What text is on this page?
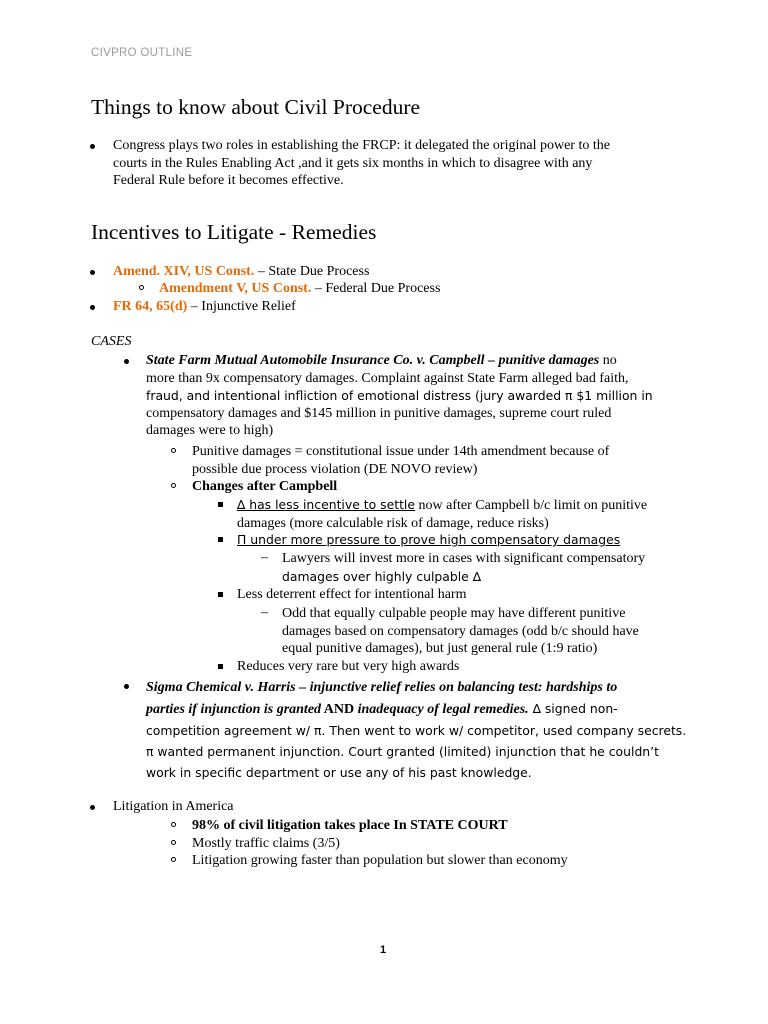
CIVPRO OUTLINE
Things to know about Civil Procedure
Congress plays two roles in establishing the FRCP: it delegated the original power to the
courts in the Rules Enabling Act ,and it gets six months in which to disagree with any
Federal Rule before it becomes effective.
Incentives to Litigate - Remedies
Amend. XIV, US Const. – State Due Process
Amendment V, US Const. – Federal Due Process
FR 64, 65(d) – Injunctive Relief
CASES
State Farm Mutual Automobile Insurance Co. v. Campbell – punitive damages no
more than 9x compensatory damages. Complaint against State Farm alleged bad faith,
fraud, and intentional infliction of emotional distress (jury awarded π $1 million in
compensatory damages and $145 million in punitive damages, supreme court ruled
damages were to high)
Punitive damages = constitutional issue under 14th amendment because of
possible due process violation (DE NOVO review)
Changes after Campbell
∆ has less incentive to settle now after Campbell b/c limit on punitive
damages (more calculable risk of damage, reduce risks)
Π under more pressure to prove high compensatory damages
– Lawyers will invest more in cases with significant compensatory
damages over highly culpable ∆
Less deterrent effect for intentional harm
– Odd that equally culpable people may have different punitive
damages based on compensatory damages (odd b/c should have
equal punitive damages), but just general rule (1:9 ratio)
Reduces very rare but very high awards
Sigma Chemical v. Harris – injunctive relief relies on balancing test: hardships to
parties if injunction is granted AND inadequacy of legal remedies. ∆ signed non-
competition agreement w/ π. Then went to work w/ competitor, used company secrets.
π wanted permanent injunction. Court granted (limited) injunction that he couldn’t
work in specific department or use any of his past knowledge.
Litigation in America
98% of civil litigation takes place In STATE COURT
Mostly traffic claims (3/5)
Litigation growing faster than population but slower than economy
1
